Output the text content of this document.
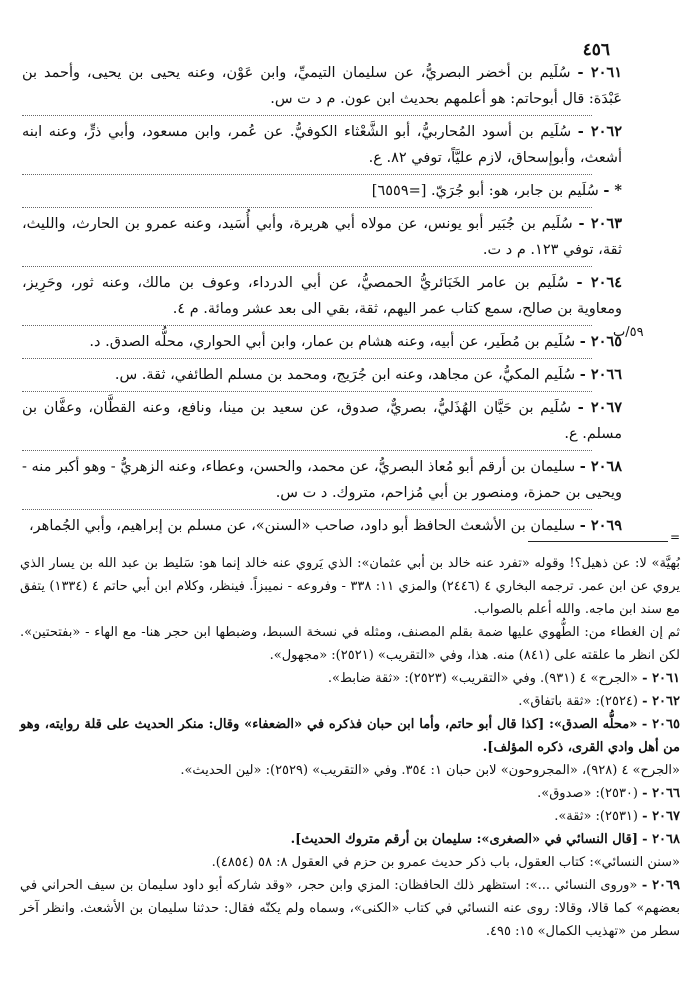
٤٥٦
٥٩/ب

٢٠٦١ - سُلَيم بن أخضر البصريُّ، عن سليمان التيميِّ، وابن عَوْن، وعنه يحيى بن يحيى، وأحمد بن عَبْدَة: قال أبوحاتم: هو أعلمهم بحديث ابن عون. م د ت س.

٢٠٦٢ - سُلَيم بن أسود المُحاربيُّ، أبو الشَّعْثاء الكوفيُّ. عن عُمر، وابن مسعود، وأبي ذرٍّ، وعنه ابنه أشعث، وأبوإسحاق، لازم عليَّاً، توفي ٨٢. ع.

* - سُلَيم بن جابر، هو: أبو جُرَيّ. [=٦٥٥٩]

٢٠٦٣ - سُلَيم بن جُبَير أبو يونس، عن مولاه أبي هريرة، وأبي أُسَيد، وعنه عمرو بن الحارث، والليث، ثقة، توفي ١٢٣. م د ت.

٢٠٦٤ - سُلَيم بن عامر الخَبَائريُّ الحمصيُّ، عن أبي الدرداء، وعوف بن مالك، وعنه ثور، وحَرِيز، ومعاوية بن صالح، سمع كتاب عمر اليهم، ثقة، بقي الى بعد عشر ومائة. م ٤.

٢٠٦٥ - سُلَيم بن مُطَير، عن أبيه، وعنه هشام بن عمار، وابن أبي الحواري، محلُّه الصدق. د.

٢٠٦٦ - سُلَيم المكيُّ، عن مجاهد، وعنه ابن جُرَيج، ومحمد بن مسلم الطائفي، ثقة. س.

٢٠٦٧ - سُلَيم بن حَيَّان الهُذَليُّ، بصريٌّ، صدوق، عن سعيد بن مينا، ونافع، وعنه القطَّان، وعفَّان بن مسلم. ع.

٢٠٦٨ - سليمان بن أرقم أبو مُعاذ البصريُّ، عن محمد، والحسن، وعطاء، وعنه الزهريُّ - وهو أكبر منه - ويحيى بن حمزة، ومنصور بن أبي مُزاحم، متروك. د ت س.

٢٠٦٩ - سليمان بن الأشعث الحافظ أبو داود، صاحب «السنن»، عن مسلم بن إبراهيم، وأبي الجُماهر،

=

بُهيَّة» لا: عن ذهيل؟! وقوله «تفرد عنه خالد بن أبي عثمان»: الذي يَروي عنه خالد إنما هو: سَليط بن عبد الله بن يسار الذي يروي عن ابن عمر. ترجمه البخاري ٤ (٢٤٤٦) والمزي ١١: ٣٣٨ - وفروعه - نميبزاً. فينظر، وكلام ابن أبي حاتم ٤ (١٣٣٤) يتفق مع سند ابن ماجه. والله أعلم بالصواب.

ثم إن الغطاء من: الطُّهوي عليها ضمة بقلم المصنف، ومثله في نسخة السبط، وضبطها ابن حجر هنا- مع الهاء - «بفتحتين». لكن انظر ما علقته على (٨٤١) منه. هذا، وفي «التقريب» (٢٥٢١): «مجهول».

٢٠٦١ - «الجرح» ٤ (٩٣١). وفي «التقريب» (٢٥٢٣): «ثقة ضابط».

٢٠٦٢ - (٢٥٢٤): «ثقة باتفاق».

٢٠٦٥ - «محلُّه الصدق»: [كذا قال أبو حاتم، وأما ابن حبان فذكره في «الضعفاء» وقال: منكر الحديث على قلة روايته، وهو من أهل وادي القرى، ذكره المؤلف].

«الجرح» ٤ (٩٢٨)، «المجروحون» لابن حبان ١: ٣٥٤. وفي «التقريب» (٢٥٢٩): «لين الحديث».

٢٠٦٦ - (٢٥٣٠): «صدوق».

٢٠٦٧ - (٢٥٣١): «ثقة».

٢٠٦٨ - [قال النسائي في «الصغرى»: سليمان بن أرقم متروك الحديث].

«سنن النسائي»: كتاب العقول، باب ذكر حديث عمرو بن حزم في العقول ٨: ٥٨ (٤٨٥٤).

٢٠٦٩ - «وروى النسائي ...»: استظهر ذلك الحافظان: المزي وابن حجر، «وقد شاركه أبو داود سليمان بن سيف الحراني في بعضهم» كما قالا، وقالا: روى عنه النسائي في كتاب «الكنى»، وسماه ولم يكنّه فقال: حدثنا سليمان بن الأشعث. وانظر آخر سطر من «تهذيب الكمال» ١٥: ٤٩٥.
